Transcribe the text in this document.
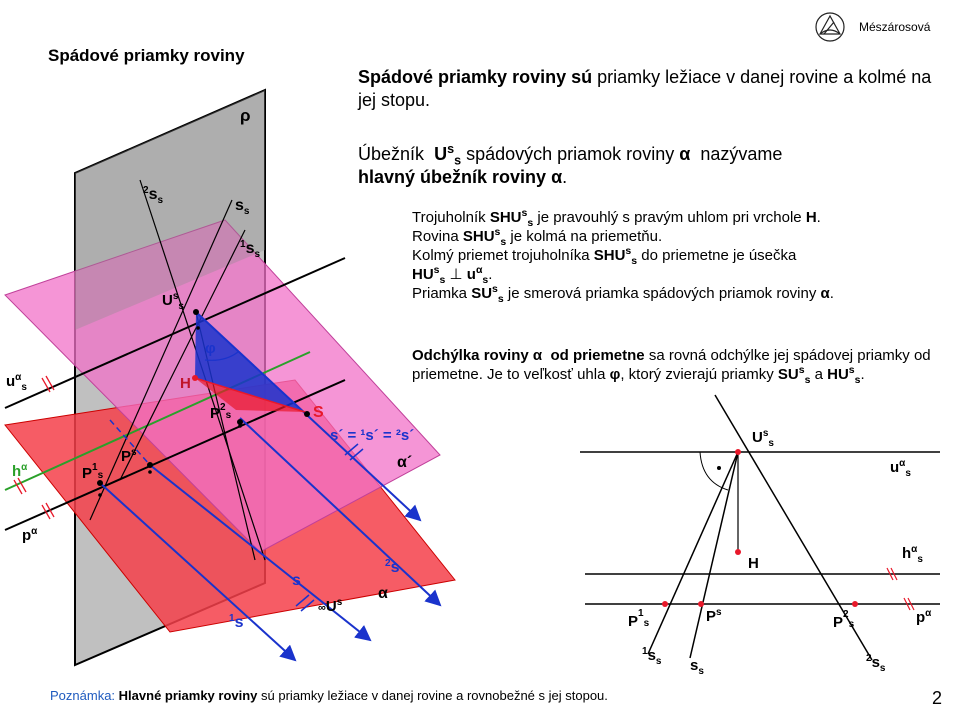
Spádové priamky roviny
Mészárosová
Spádové priamky roviny sú priamky ležiace v danej rovine a kolmé na jej stopu.
Úbežník $U^s_s$ spádových priamok roviny α nazývame
hlavný úbežník roviny α.
Trojuholník $SHU^s_s$ je pravouhlý s pravým uhlom pri vrchole H.
Rovina $SHU^s_s$ je kolmá na priemetňu.
Kolmý priemet trojuholníka $SHU^s_s$ do priemetne je úsečka
$HU^s_s$ ⊥ $u^\alpha_s$.
Priamka $SU^s_s$ je smerová priamka spádových priamok roviny α.
Odchýlka roviny α od priemetne sa rovná odchýlke jej spádovej priamky od priemetne. Je to veľkosť uhla φ, ktorý zvierajú priamky $SU^s_s$ a $HU^s_s$.
ρ
$^2s_s$	$s_s$
$^1s_s$
$U^s_s$
φ
$u^\alpha_s$	H
$P^2_s$	S
s´ = ¹s´ = ²s´
α´
$h^\alpha$	$P^1_s$
$P^s$
$p^\alpha$
s
$^2$s
$\infty U^s$
α
$^1$s
$U^s_s$
$u^\alpha_s$
H
$h^\alpha_s$
$p^\alpha$
$P^1_s$	$P^s$
$P^2_s$
$^1s_s$ $s_s$
$^2s_s$
Poznámka: Hlavné priamky roviny sú priamky ležiace v danej rovine a rovnobežné s jej stopou.	2
